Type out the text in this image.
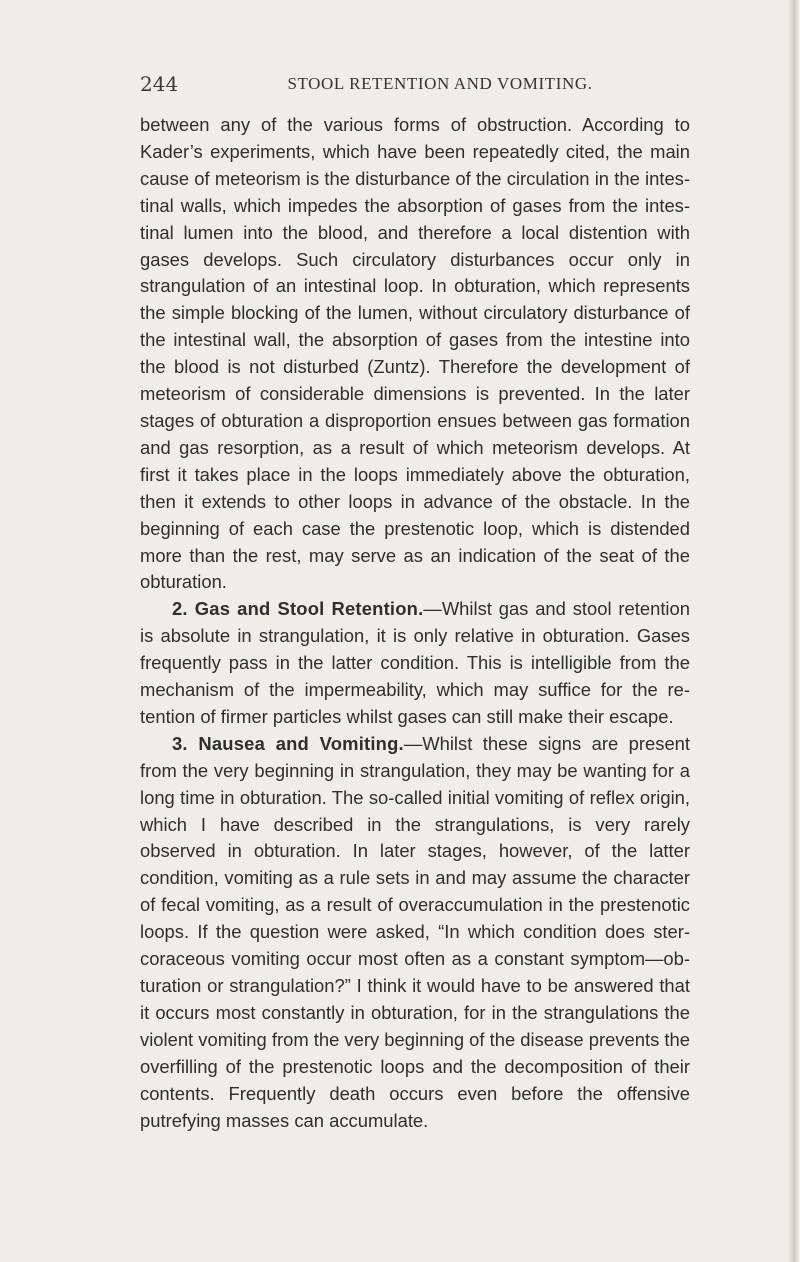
244	STOOL RETENTION AND VOMITING.

between any of the various forms of obstruction. According to Kader’s experiments, which have been repeatedly cited, the main cause of meteorism is the disturbance of the circulation in the intestinal walls, which impedes the absorption of gases from the intestinal lumen into the blood, and therefore a local distention with gases develops. Such circulatory disturbances occur only in strangulation of an intestinal loop. In obturation, which represents the simple blocking of the lumen, without circulatory disturbance of the intestinal wall, the absorption of gases from the intestine into the blood is not disturbed (Zuntz). Therefore the development of meteorism of considerable dimensions is prevented. In the later stages of obturation a disproportion ensues between gas formation and gas resorption, as a result of which meteorism develops. At first it takes place in the loops immediately above the obturation, then it extends to other loops in advance of the obstacle. In the beginning of each case the prestenotic loop, which is distended more than the rest, may serve as an indication of the seat of the obturation.

2. Gas and Stool Retention.—Whilst gas and stool retention is absolute in strangulation, it is only relative in obturation. Gases frequently pass in the latter condition. This is intelligible from the mechanism of the impermeability, which may suffice for the retention of firmer particles whilst gases can still make their escape.

3. Nausea and Vomiting.—Whilst these signs are present from the very beginning in strangulation, they may be wanting for a long time in obturation. The so-called initial vomiting of reflex origin, which I have described in the strangulations, is very rarely observed in obturation. In later stages, however, of the latter condition, vomiting as a rule sets in and may assume the character of fecal vomiting, as a result of overaccumulation in the prestenotic loops. If the question were asked, “In which condition does stercoraceous vomiting occur most often as a constant symptom—obturation or strangulation?” I think it would have to be answered that it occurs most constantly in obturation, for in the strangulations the violent vomiting from the very beginning of the disease prevents the overfilling of the prestenotic loops and the decomposition of their contents. Frequently death occurs even before the offensive putrefying masses can accumulate.
